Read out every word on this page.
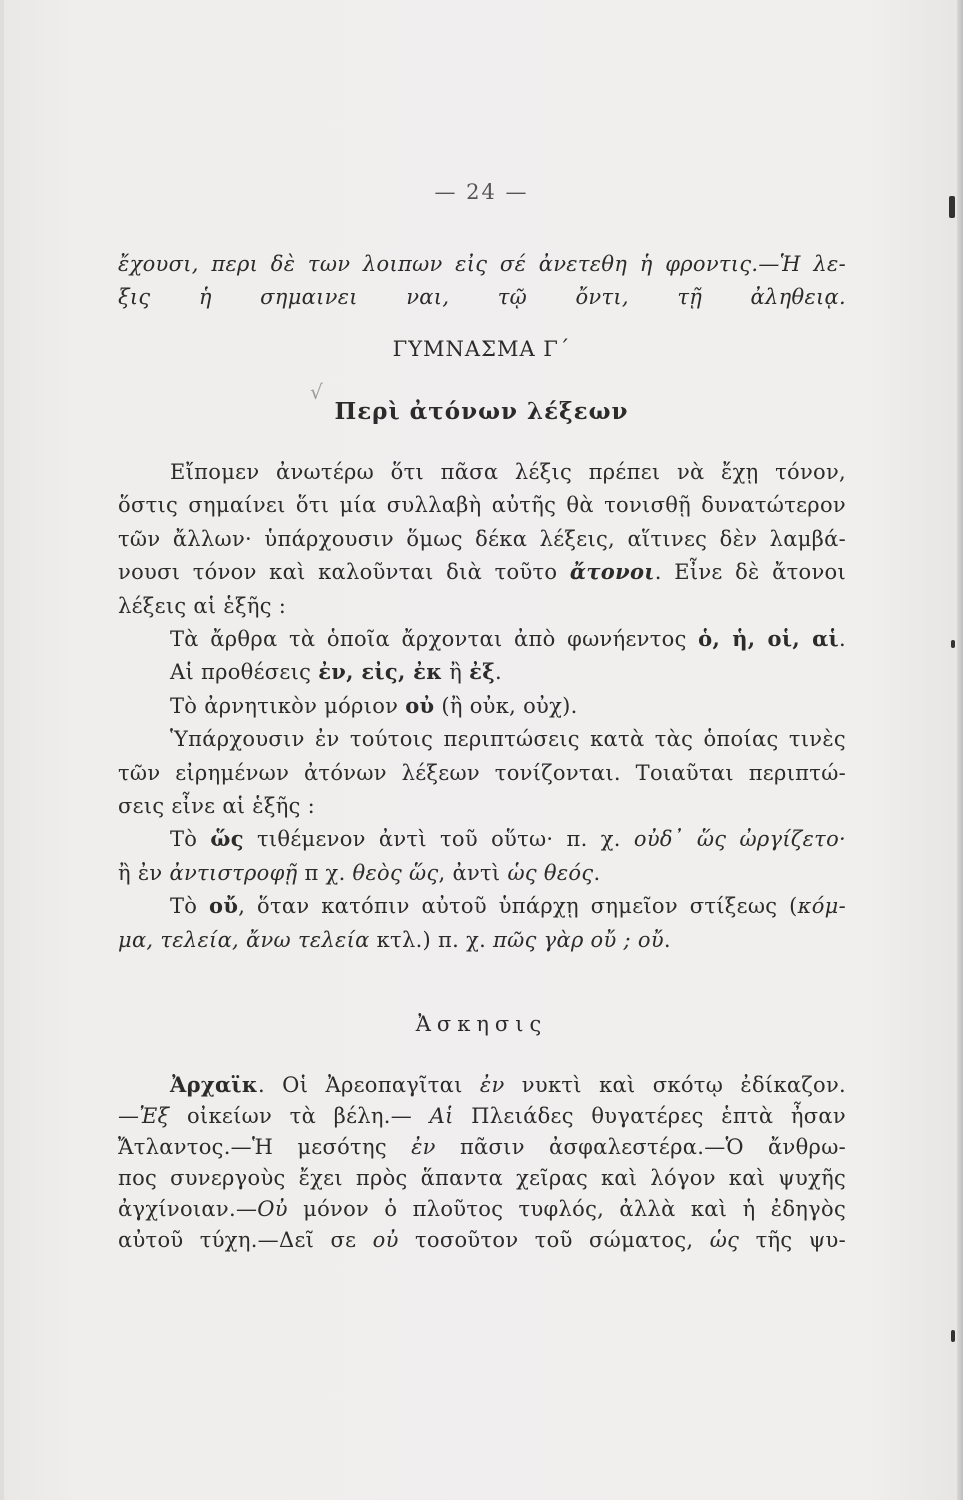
— 24 —
ἔχουσι, περι δὲ των λοιπων εἰς σέ ἀνετεθη ἡ φροντις.—Ἡ λε-
ξις ἡ σημαινει ναι, τῷ ὄντι, τῇ ἀληθειᾳ.
ΓΥΜΝΑΣΜΑ Γ´
√
Περὶ ἀτόνων λέξεων
Εἴπομεν ἀνωτέρω ὅτι πᾶσα λέξις πρέπει νὰ ἔχῃ τόνον,
ὅστις σημαίνει ὅτι μία συλλαβὴ αὐτῆς θὰ τονισθῇ δυνατώτερον
τῶν ἄλλων· ὑπάρχουσιν ὅμως δέκα λέξεις, αἵτινες δὲν λαμβά-
νουσι τόνον καὶ καλοῦνται διὰ τοῦτο ἄτονοι. Εἶνε δὲ ἄτονοι
λέξεις αἱ ἑξῆς :
Τὰ ἄρθρα τὰ ὁποῖα ἄρχονται ἀπὸ φωνήεντος ὁ, ἡ, οἱ, αἱ.
Αἱ προθέσεις ἐν, εἰς, ἐκ ἢ ἐξ.
Τὸ ἀρνητικὸν μόριον οὐ (ἢ οὐκ, οὐχ).
Ὑπάρχουσιν ἐν τούτοις περιπτώσεις κατὰ τὰς ὁποίας τινὲς
τῶν εἰρημένων ἀτόνων λέξεων τονίζονται. Τοιαῦται περιπτώ-
σεις εἶνε αἱ ἑξῆς :
Τὸ ὥς τιθέμενον ἀντὶ τοῦ οὕτω· π. χ. οὐδ᾽ ὥς ὠργίζετο·
ἢ ἐν ἀντιστροφῇ π χ. θεὸς ὥς, ἀντὶ ὡς θεός.
Τὸ οὔ, ὅταν κατόπιν αὐτοῦ ὑπάρχῃ σημεῖον στίξεως (κόμ-
μα, τελεία, ἄνω τελεία κτλ.) π. χ. πῶς γὰρ οὔ ; οὔ.
Ἀσκησις
Ἀρχαϊκ. Οἱ Ἀρεοπαγῖται ἐν νυκτὶ καὶ σκότῳ ἐδίκαζον.
—Ἐξ οἰκείων τὰ βέλη.— Αἱ Πλειάδες θυγατέρες ἑπτὰ ἦσαν
Ἄτλαντος.—Ἡ μεσότης ἐν πᾶσιν ἀσφαλεστέρα.—Ὁ ἄνθρω-
πος συνεργοὺς ἔχει πρὸς ἅπαντα χεῖρας καὶ λόγον καὶ ψυχῆς
ἀγχίνοιαν.—Οὐ μόνον ὁ πλοῦτος τυφλός, ἀλλὰ καὶ ἡ ἐδηγὸς
αὐτοῦ τύχη.—Δεῖ σε οὐ τοσοῦτον τοῦ σώματος, ὡς τῆς ψυ-
